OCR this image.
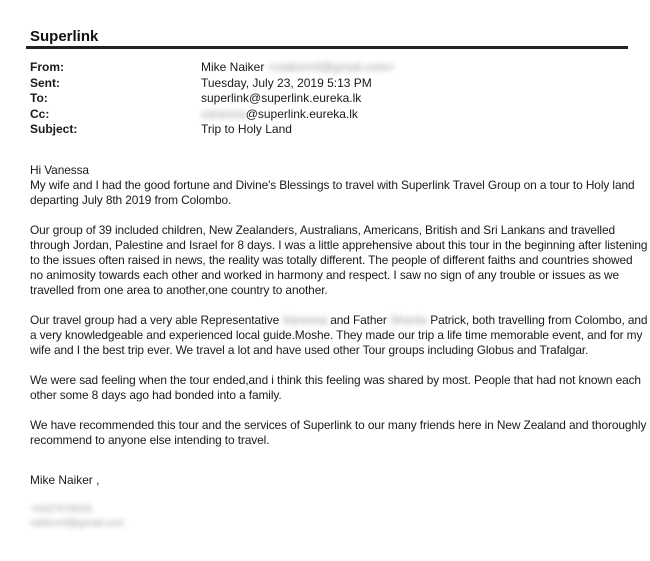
Superlink
From:	Mike Naiker <naikermf@gmail.com>
Sent:	Tuesday, July 23, 2019 5:13 PM
To:	superlink@superlink.eureka.lk
Cc:	vanessa@superlink.eureka.lk
Subject:	Trip to Holy Land
Hi Vanessa
My wife and I had the good fortune and Divine's Blessings to travel with Superlink Travel Group on a tour to Holy land
departing July 8th 2019 from Colombo.
Our group of 39 included children, New Zealanders, Australians, Americans, British and Sri Lankans and travelled
through Jordan, Palestine and Israel for 8 days. I was a little apprehensive about this tour in the beginning after listening
to the issues often raised in news, the reality was totally different. The people of different faiths and countries showed
no animosity towards each other and worked in harmony and respect. I saw no sign of any trouble or issues as we
travelled from one area to another,one country to another.
Our travel group had a very able Representative Vanessa and Father Shanta Patrick, both travelling from Colombo, and
a very knowledgeable and experienced local guide.Moshe. They made our trip a life time memorable event, and for my
wife and I the best trip ever. We travel a lot and have used other Tour groups including Globus and Trafalgar.
We were sad feeling when the tour ended,and i think this feeling was shared by most. People that had not known each
other some 8 days ago had bonded into a family.
We have recommended this tour and the services of Superlink to our many friends here in New Zealand and thoroughly
recommend to anyone else intending to travel.
Mike Naiker ,
+6427676026
naikermf@gmail.com
